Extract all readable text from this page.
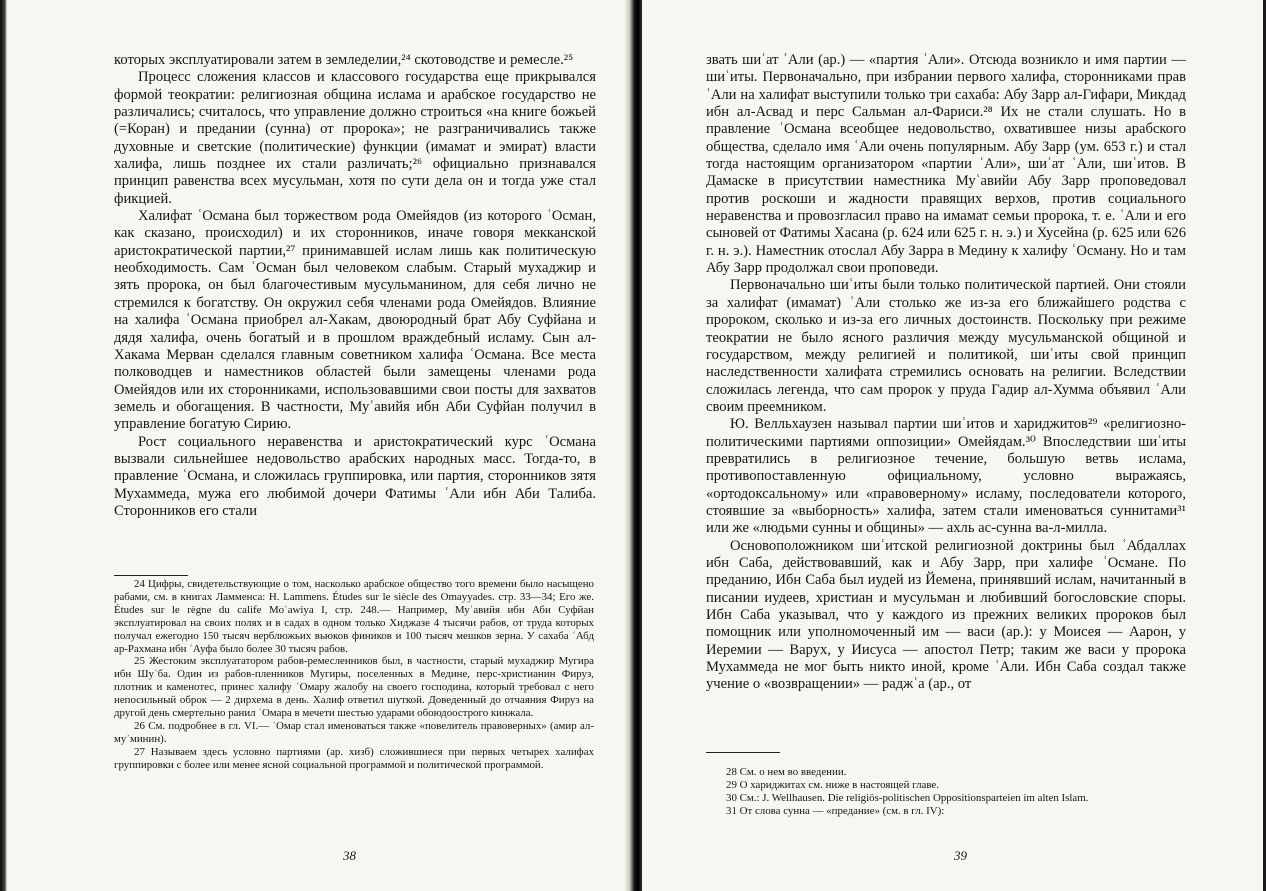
которых эксплуатировали затем в земледелии,²⁴ скотоводстве и ремесле.²⁵

Процесс сложения классов и классового государства еще прикрывался формой теократии: религиозная община ислама и арабское государство не различались; считалось, что управление должно строиться «на книге божьей (=Коран) и предании (сунна) от пророка»; не разграничивались также духовные и светские (политические) функции (имамат и эмират) власти халифа, лишь позднее их стали различать;²⁶ официально признавался принцип равенства всех мусульман, хотя по сути дела он и тогда уже стал фикцией.

Халифат ʿОсмана был торжеством рода Омейядов (из которого ʿОсман, как сказано, происходил) и их сторонников, иначе говоря мекканской аристократической партии,²⁷ принимавшей ислам лишь как политическую необходимость. Сам ʿОсман был человеком слабым. Старый мухаджир и зять пророка, он был благочестивым мусульманином, для себя лично не стремился к богатству. Он окружил себя членами рода Омейядов. Влияние на халифа ʿОсмана приобрел ал-Хакам, двоюродный брат Абу Суфйана и дядя халифа, очень богатый и в прошлом враждебный исламу. Сын ал-Хакама Мерван сделался главным советником халифа ʿОсмана. Все места полководцев и наместников областей были замещены членами рода Омейядов или их сторонниками, использовавшими свои посты для захватов земель и обогащения. В частности, Муʿавийя ибн Аби Суфйан получил в управление богатую Сирию.

Рост социального неравенства и аристократический курс ʿОсмана вызвали сильнейшее недовольство арабских народных масс. Тогда-то, в правление ʿОсмана, и сложилась группировка, или партия, сторонников зятя Мухаммеда, мужа его любимой дочери Фатимы ʿАли ибн Аби Талиба. Сторонников его стали

24 Цифры, свидетельствующие о том, насколько арабское общество того времени было насыщено рабами, см. в книгах Ламменса: H. Lammens. Études sur le siècle des Omayyades. стр. 33—34; Его же. Études sur le règne du calife Moʿawiya I, стр. 248.— Например, Муʿавийя ибн Аби Суфйан эксплуатировал на своих полях и в садах в одном только Хиджазе 4 тысячи рабов, от труда которых получал ежегодно 150 тысяч верблюжьих вьюков фиников и 100 тысяч мешков зерна. У сахаба ʿАбд ар-Рахмана ибн ʿАуфа было более 30 тысяч рабов.

25 Жестоким эксплуататором рабов-ремесленников был, в частности, старый мухаджир Мугира ибн Шуʿба. Один из рабов-пленников Мугиры, поселенных в Медине, перс-христианин Фируз, плотник и каменотес, принес халифу ʿОмару жалобу на своего господина, который требовал с него непосильный оброк — 2 дирхема в день. Халиф ответил шуткой. Доведенный до отчаяния Фируз на другой день смертельно ранил ʿОмара в мечети шестью ударами обоюдоострого кинжала.

26 См. подробнее в гл. VI.— ʿОмар стал именоваться также «повелитель правоверных» (амир ал-муʾминин).

27 Называем здесь условно партиями (ар. хизб) сложившиеся при первых четырех халифах группировки с более или менее ясной социальной программой и политической программой.

38

звать шиʿат ʿАли (ар.) — «партия ʿАли». Отсюда возникло и имя партии — шиʿиты. Первоначально, при избрании первого халифа, сторонниками прав ʿАли на халифат выступили только три сахаба: Абу Зарр ал-Гифари, Микдад ибн ал-Асвад и перс Сальман ал-Фариси.²⁸ Их не стали слушать. Но в правление ʿОсмана всеобщее недовольство, охватившее низы арабского общества, сделало имя ʿАли очень популярным. Абу Зарр (ум. 653 г.) и стал тогда настоящим организатором «партии ʿАли», шиʿат ʿАли, шиʿитов. В Дамаске в присутствии наместника Муʿавийи Абу Зарр проповедовал против роскоши и жадности правящих верхов, против социального неравенства и провозгласил право на имамат семьи пророка, т. е. ʿАли и его сыновей от Фатимы Хасана (р. 624 или 625 г. н. э.) и Хусейна (р. 625 или 626 г. н. э.). Наместник отослал Абу Зарра в Медину к халифу ʿОсману. Но и там Абу Зарр продолжал свои проповеди.

Первоначально шиʿиты были только политической партией. Они стояли за халифат (имамат) ʿАли столько же из-за его ближайшего родства с пророком, сколько и из-за его личных достоинств. Поскольку при режиме теократии не было ясного различия между мусульманской общиной и государством, между религией и политикой, шиʿиты свой принцип наследственности халифата стремились основать на религии. Вследствии сложилась легенда, что сам пророк у пруда Гадир ал-Хумма объявил ʿАли своим преемником.

Ю. Велльхаузен называл партии шиʿитов и хариджитов²⁹ «религиозно-политическими партиями оппозиции» Омейядам.³⁰ Впоследствии шиʿиты превратились в религиозное течение, большую ветвь ислама, противопоставленную официальному, условно выражаясь, «ортодоксальному» или «правоверному» исламу, последователи которого, стоявшие за «выборность» халифа, затем стали именоваться суннитами³¹ или же «людьми сунны и общины» — ахль ас-сунна ва-л-милла.

Основоположником шиʿитской религиозной доктрины был ʿАбдаллах ибн Саба, действовавший, как и Абу Зарр, при халифе ʿОсмане. По преданию, Ибн Саба был иудей из Йемена, принявший ислам, начитанный в писании иудеев, христиан и мусульман и любивший богословские споры. Ибн Саба указывал, что у каждого из прежних великих пророков был помощник или уполномоченный им — васи (ар.): у Моисея — Аарон, у Иеремии — Варух, у Иисуса — апостол Петр; таким же васи у пророка Мухаммеда не мог быть никто иной, кроме ʿАли. Ибн Саба создал также учение о «возвращении» — раджʿа (ар., от

28 См. о нем во введении.

29 О хариджитах см. ниже в настоящей главе.

30 См.: J. Wellhausen. Die religiös-politischen Oppositionsparteien im alten Islam.

31 От слова сунна — «предание» (см. в гл. IV):

39
